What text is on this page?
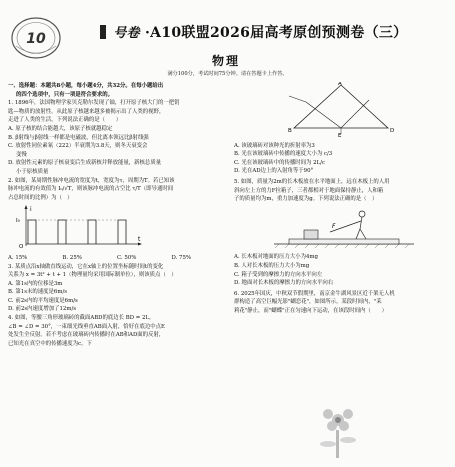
10	号卷 ·A10联盟2026届高考原创预测卷（三）
物理
满分100分，考试时间75分钟。请在答题卡上作答。

一、选择题：本题共8小题，每小题4分，共32分。在每小题给出

的四个选项中，只有一项是符合要求的。

1. 1896年，法国物理学家贝克勒尔发现了铀，打开原子核大门的一把钥

匙—物质的放射性。从此原子核越来越多被揭示出了人类的视野，

走进了人类的生活，下列说法正确的是（　　）

A. 原子核的结合能越大，该原子核就越稳定

B. β射线与β射线一样都是电磁波，但比离本领远比β射线强

C. 放射性同位素氡（222）半衰期为3.8天，则冬天衰变会

变慢

D. 放射性元素的原子核衰变后生成新核并释放能量，新核总质量

小于原核质量

2. 如图，某周期性脉冲电流的宽度为t，宽度为τ，周期为T。若已知该

脉冲电流的有效值为 I₀/√T，则该脉冲电流的占空比 τ/T（即导通时间

占总时间的比例）为（　）

i
t
O
I₀
A. 15%	B. 25%	C. 50%	D. 75%

3. 某质点沿x轴做直线运动，它在x轴上的位置坐标随时间t的变化

关系为 x = 3t² + t + 1（物理量均采用国际制单位），则该质点（　）

A. 第1s内的位移是3m

B. 第1s末的速度是6m/s

C. 前2s内的平均速度是6m/s

D. 前2s内速度增加了12m/s

4. 如图，等腰三角形玻璃砖的截面ABD的底边长 BD = 2L，

∠B = ∠D = 30°，一束细光线垂直AB面入射，恰好在底边中点E

处发生全反射。若不考虑在玻璃砖内传播时在AB和AD面的反射，

已知光在真空中的传播速度为c，下

A
B	D
E

A. 该玻璃砖对该种光的折射率为3

B. 光在该玻璃砖中传播的速度大小为 c/3

C. 光在该玻璃砖中的传播时间为 2L/c

D. 光在AD边上的入射角等于90°

5. 如图，质量为2m的长木板放在水平地面上，远在木板上的人用

斜向左上方的力F拉箱子，三者都相对于地面保持静止，人和箱

子的质量均为m，重力加速度为g。下列说法正确的是（　）

F

A. 长木板对地面的压力大小为4mg

B. 人对长木板的压力大小为mg

C. 箱子受到的摩擦力的方向水平向左

D. 地面对长木板的摩擦力的方向水平向右

6. 2025年国庆，中秋双节假期里，南京金牛湖风景区近千架无人机

群构造了高空巨幅光影"蝴恋花"，如图所示。某段时间内，"茉

莉花"静止，而"蝴蝶"正在匀速向下运动，在该段时间内（　　）
